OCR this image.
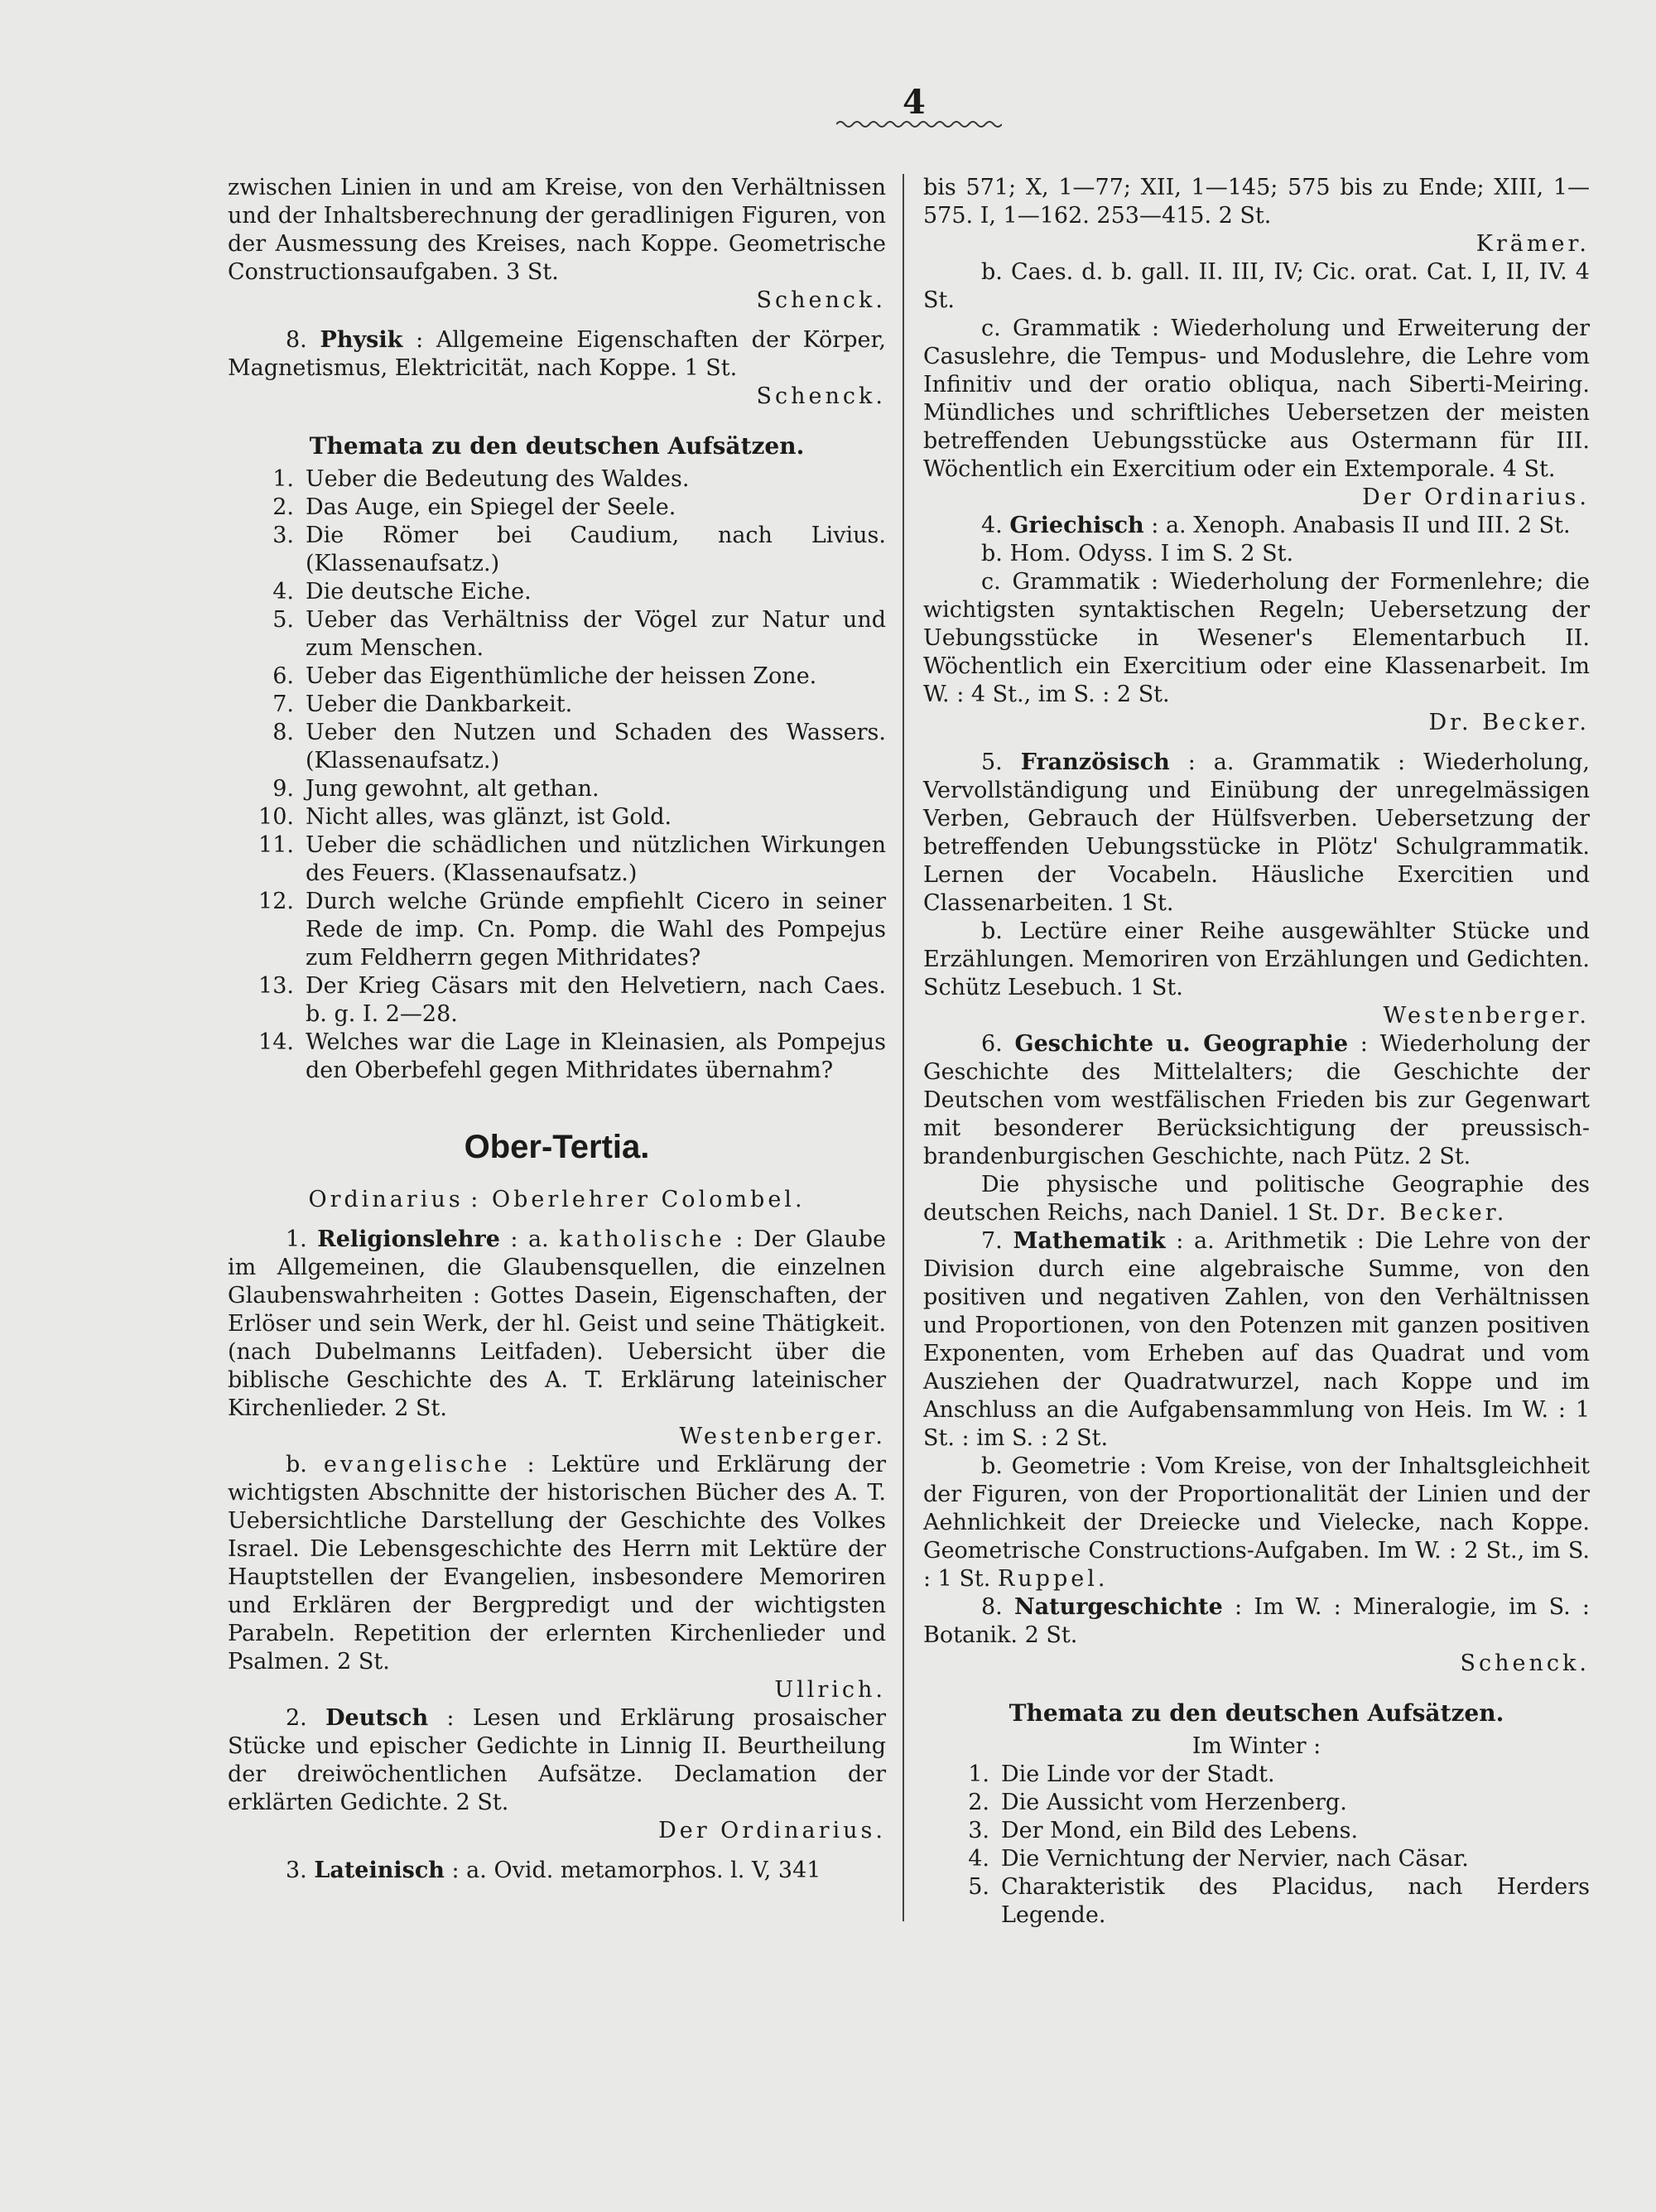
4

zwischen Linien in und am Kreise, von den Verhältnissen und der Inhaltsberechnung der geradlinigen Figuren, von der Ausmessung des Kreises, nach Koppe. Geometrische Constructionsaufgaben. 3 St.

Schenck.

8. Physik : Allgemeine Eigenschaften der Körper, Magnetismus, Elektricität, nach Koppe. 1 St.

Schenck.

Themata zu den deutschen Aufsätzen.

1. Ueber die Bedeutung des Waldes.
2. Das Auge, ein Spiegel der Seele.
3. Die Römer bei Caudium, nach Livius. (Klassenaufsatz.)
4. Die deutsche Eiche.
5. Ueber das Verhältniss der Vögel zur Natur und zum Menschen.
6. Ueber das Eigenthümliche der heissen Zone.
7. Ueber die Dankbarkeit.
8. Ueber den Nutzen und Schaden des Wassers. (Klassenaufsatz.)
9. Jung gewohnt, alt gethan.
10. Nicht alles, was glänzt, ist Gold.
11. Ueber die schädlichen und nützlichen Wirkungen des Feuers. (Klassenaufsatz.)
12. Durch welche Gründe empfiehlt Cicero in seiner Rede de imp. Cn. Pomp. die Wahl des Pompejus zum Feldherrn gegen Mithridates?
13. Der Krieg Cäsars mit den Helvetiern, nach Caes. b. g. I. 2—28.
14. Welches war die Lage in Kleinasien, als Pompejus den Oberbefehl gegen Mithridates übernahm?
Ober-Tertia.

Ordinarius : Oberlehrer Colombel.

1. Religionslehre : a. katholische : Der Glaube im Allgemeinen, die Glaubensquellen, die einzelnen Glaubenswahrheiten : Gottes Dasein, Eigenschaften, der Erlöser und sein Werk, der hl. Geist und seine Thätigkeit. (nach Dubelmanns Leitfaden). Uebersicht über die biblische Geschichte des A. T. Erklärung lateinischer Kirchenlieder. 2 St.

Westenberger.

b. evangelische : Lektüre und Erklärung der wichtigsten Abschnitte der historischen Bücher des A. T. Uebersichtliche Darstellung der Geschichte des Volkes Israel. Die Lebensgeschichte des Herrn mit Lektüre der Hauptstellen der Evangelien, insbesondere Memoriren und Erklären der Bergpredigt und der wichtigsten Parabeln. Repetition der erlernten Kirchenlieder und Psalmen. 2 St.

Ullrich.

2. Deutsch : Lesen und Erklärung prosaischer Stücke und epischer Gedichte in Linnig II. Beurtheilung der dreiwöchentlichen Aufsätze. Declamation der erklärten Gedichte. 2 St.

Der Ordinarius.

3. Lateinisch : a. Ovid. metamorphos. l. V, 341

bis 571; X, 1—77; XII, 1—145; 575 bis zu Ende; XIII, 1—575. I, 1—162. 253—415. 2 St.

Krämer.

b. Caes. d. b. gall. II. III, IV; Cic. orat. Cat. I, II, IV. 4 St.

c. Grammatik : Wiederholung und Erweiterung der Casuslehre, die Tempus- und Moduslehre, die Lehre vom Infinitiv und der oratio obliqua, nach Siberti-Meiring. Mündliches und schriftliches Uebersetzen der meisten betreffenden Uebungsstücke aus Ostermann für III. Wöchentlich ein Exercitium oder ein Extemporale. 4 St.

Der Ordinarius.

4. Griechisch : a. Xenoph. Anabasis II und III. 2 St.

b. Hom. Odyss. I im S. 2 St.

c. Grammatik : Wiederholung der Formenlehre; die wichtigsten syntaktischen Regeln; Uebersetzung der Uebungsstücke in Wesener's Elementarbuch II. Wöchentlich ein Exercitium oder eine Klassenarbeit. Im W. : 4 St., im S. : 2 St.

Dr. Becker.

5. Französisch : a. Grammatik : Wiederholung, Vervollständigung und Einübung der unregelmässigen Verben, Gebrauch der Hülfsverben. Uebersetzung der betreffenden Uebungsstücke in Plötz' Schulgrammatik. Lernen der Vocabeln. Häusliche Exercitien und Classenarbeiten. 1 St.

b. Lectüre einer Reihe ausgewählter Stücke und Erzählungen. Memoriren von Erzählungen und Gedichten. Schütz Lesebuch. 1 St.

Westenberger.

6. Geschichte u. Geographie : Wiederholung der Geschichte des Mittelalters; die Geschichte der Deutschen vom westfälischen Frieden bis zur Gegenwart mit besonderer Berücksichtigung der preussisch-brandenburgischen Geschichte, nach Pütz. 2 St.

Die physische und politische Geographie des deutschen Reichs, nach Daniel. 1 St. Dr. Becker.

7. Mathematik : a. Arithmetik : Die Lehre von der Division durch eine algebraische Summe, von den positiven und negativen Zahlen, von den Verhältnissen und Proportionen, von den Potenzen mit ganzen positiven Exponenten, vom Erheben auf das Quadrat und vom Ausziehen der Quadratwurzel, nach Koppe und im Anschluss an die Aufgabensammlung von Heis. Im W. : 1 St. : im S. : 2 St.

b. Geometrie : Vom Kreise, von der Inhaltsgleichheit der Figuren, von der Proportionalität der Linien und der Aehnlichkeit der Dreiecke und Vielecke, nach Koppe. Geometrische Constructions-Aufgaben. Im W. : 2 St., im S. : 1 St. Ruppel.

8. Naturgeschichte : Im W. : Mineralogie, im S. : Botanik. 2 St.

Schenck.

Themata zu den deutschen Aufsätzen.

Im Winter :

1. Die Linde vor der Stadt.
2. Die Aussicht vom Herzenberg.
3. Der Mond, ein Bild des Lebens.
4. Die Vernichtung der Nervier, nach Cäsar.
5. Charakteristik des Placidus, nach Herders Legende.
